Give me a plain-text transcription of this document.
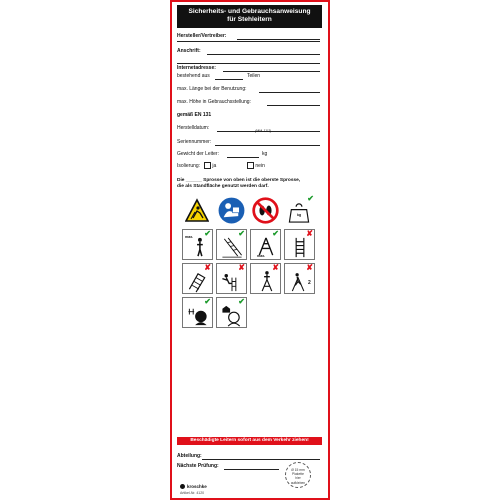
Sicherheits- und Gebrauchsanweisung
für Stehleitern
Hersteller/Vertreiber:
Anschrift:
Internetadresse:
bestehend aus	Teilen
max. Länge bei der Benutzung:
max. Höhe in Gebrauchsstellung:
gemäß EN 131
Herstelldatum:	(MM.JJJJ)
Seriennummer:
Gewicht der Leiter:	kg
Isolierung:	ja	nein
Die ______ Sprosse von oben ist die oberste Sprosse,
die als Standfläche genutzt werden darf.
kg
✔
max. ✔	✔
max.
✔	✘
✘	✘	✘
2
✘
✔	✔
Beschädigte Leitern sofort aus dem Verkehr ziehen!
Abteilung:
Nächste Prüfung:
Ø 15 mm
Plakette
hier
aufkleben
kroschke
Artikel-Nr. 4120
